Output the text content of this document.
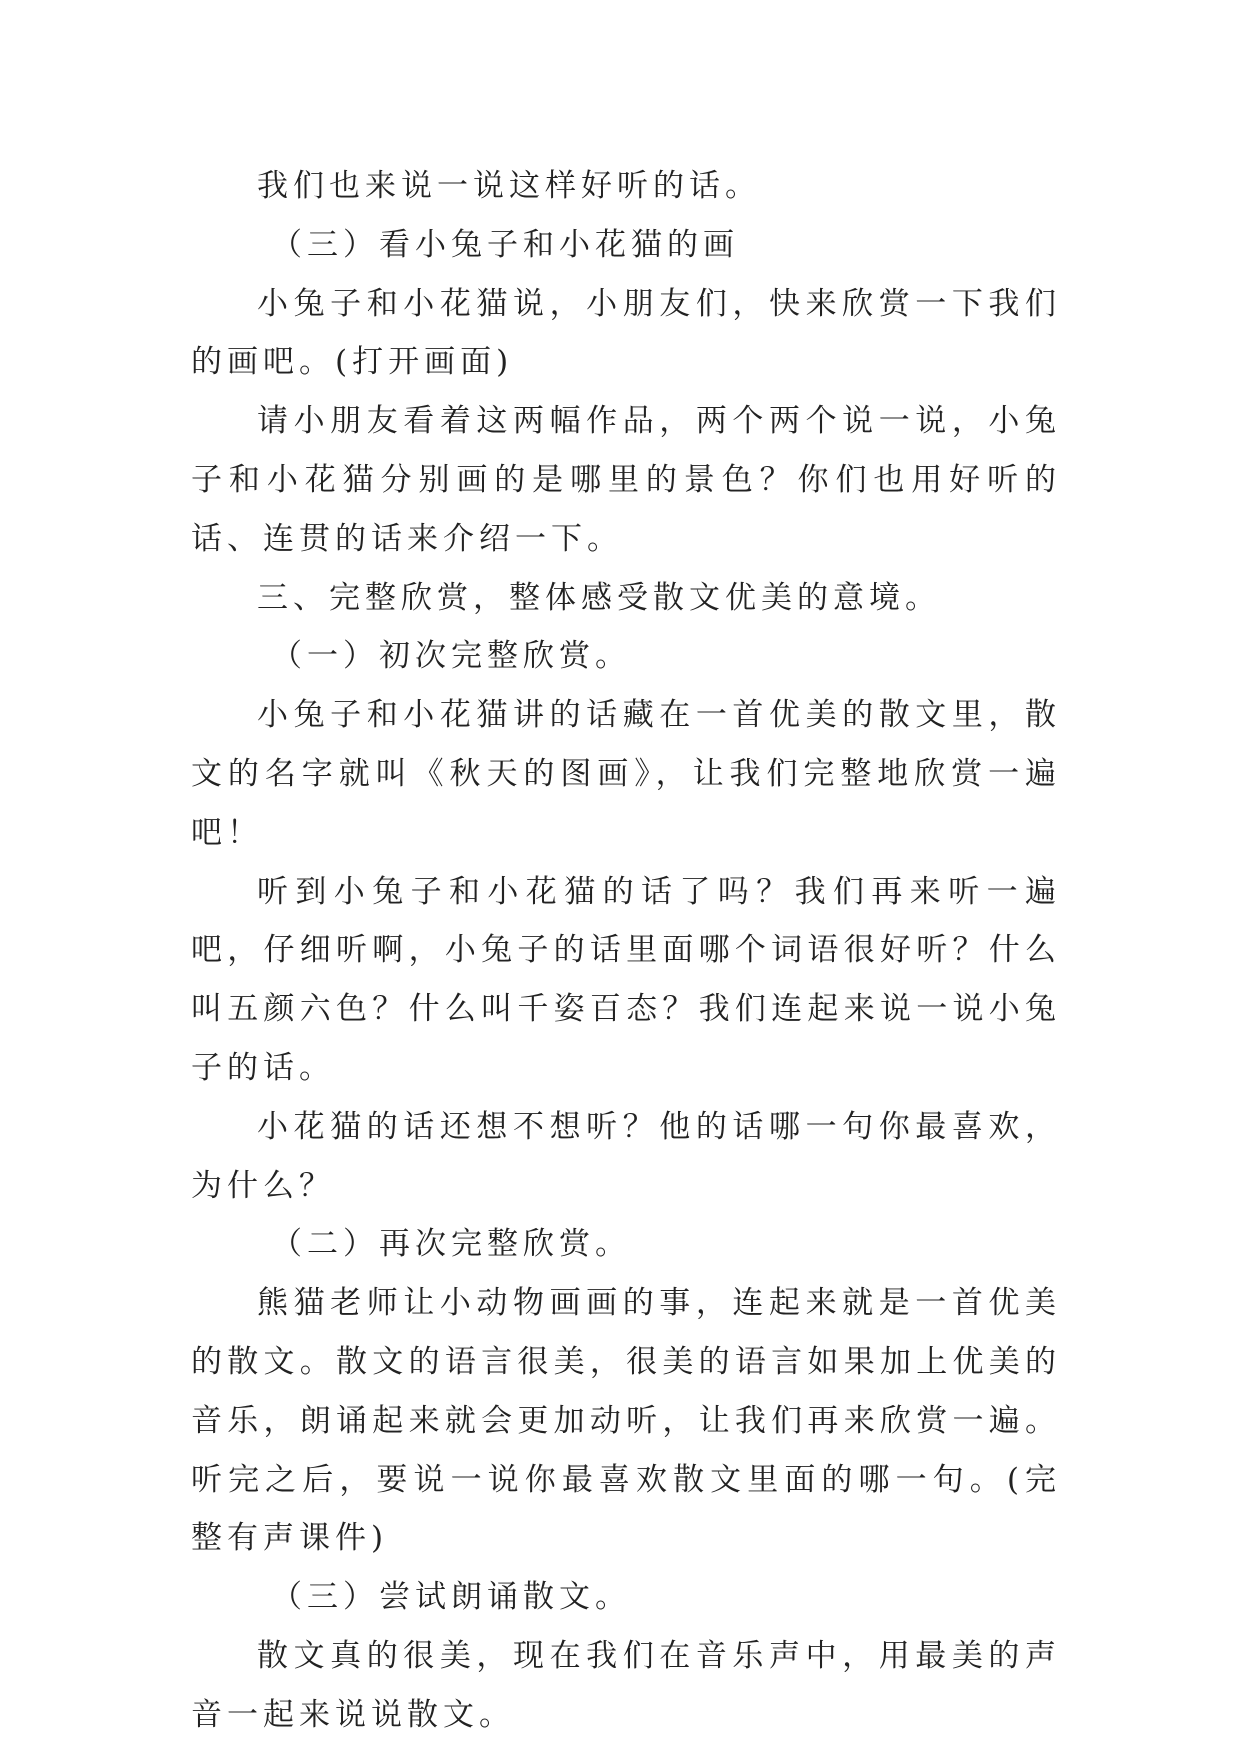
我们也来说一说这样好听的话。

（三）看小兔子和小花猫的画

小兔子和小花猫说，小朋友们，快来欣赏一下我们的画吧。(打开画面)

请小朋友看着这两幅作品，两个两个说一说，小兔子和小花猫分别画的是哪里的景色？你们也用好听的话、连贯的话来介绍一下。

三、完整欣赏，整体感受散文优美的意境。

（一）初次完整欣赏。

小兔子和小花猫讲的话藏在一首优美的散文里，散文的名字就叫《秋天的图画》，让我们完整地欣赏一遍吧！

听到小兔子和小花猫的话了吗？我们再来听一遍吧，仔细听啊，小兔子的话里面哪个词语很好听？什么叫五颜六色？什么叫千姿百态？我们连起来说一说小兔子的话。

小花猫的话还想不想听？他的话哪一句你最喜欢，为什么？

（二）再次完整欣赏。

熊猫老师让小动物画画的事，连起来就是一首优美的散文。散文的语言很美，很美的语言如果加上优美的音乐，朗诵起来就会更加动听，让我们再来欣赏一遍。听完之后，要说一说你最喜欢散文里面的哪一句。(完整有声课件)

（三）尝试朗诵散文。

散文真的很美，现在我们在音乐声中，用最美的声音一起来说说散文。
